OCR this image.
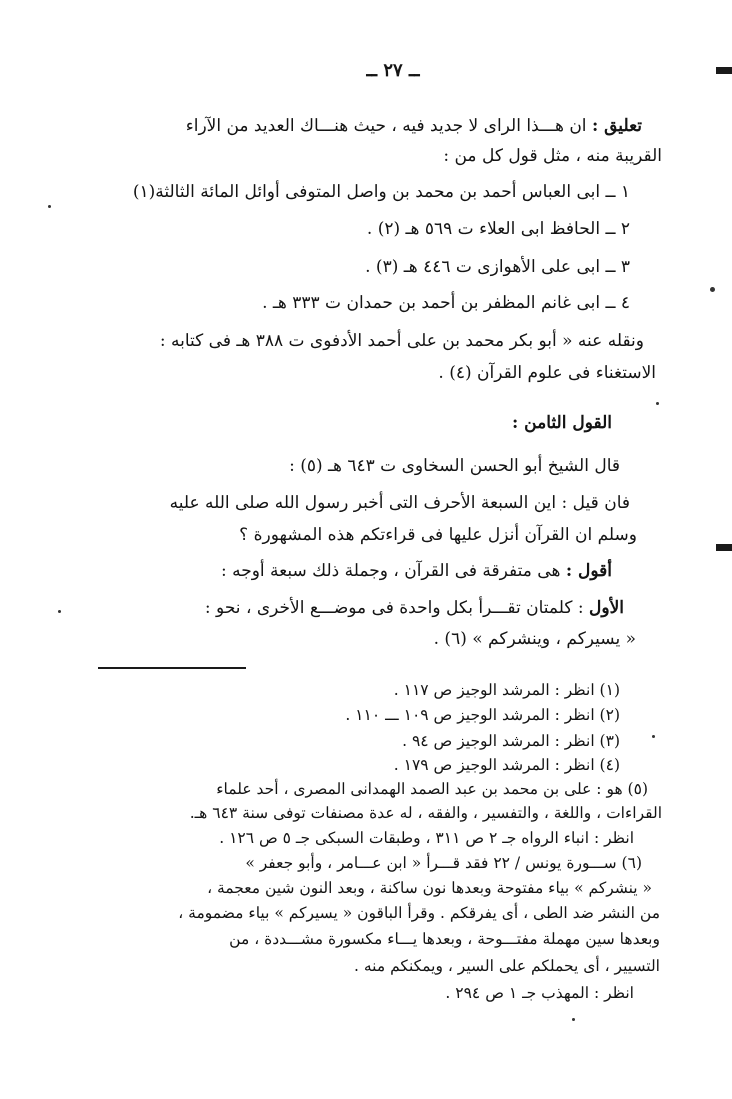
ــ ٢٧ ــ
تعليق : ان هـــذا الرای لا جدید فیه ، حیث هنـــاك العدید من الآراء
القريبة منه ، مثل قول كل من :
١ ــ ابى العباس أحمد بن محمد بن واصل المتوفى أوائل المائة الثالثة(١)
٢ ــ الحافظ ابى العلاء ت ٥٦٩ هـ (٢) .
٣ ــ ابى على الأهوازى ت ٤٤٦ هـ (٣) .
٤ ــ ابى غانم المظفر بن أحمد بن حمدان ت ٣٣٣ هـ .
ونقله عنه « أبو بكر محمد بن على أحمد الأدفوى ت ٣٨٨ هـ فى كتابه :
الاستغناء فى علوم القرآن (٤) .
القول الثامن :
قال الشيخ أبو الحسن السخاوى ت ٦٤٣ هـ (٥) :
فان قيل : اين السبعة الأحرف التى أخبر رسول الله صلى الله عليه
وسلم ان القرآن أنزل عليها فى قراءتكم هذه المشهورة ؟
أقول : هى متفرقة فى القرآن ، وجملة ذلك سبعة أوجه :
الأول : كلمتان تقـــرأ بكل واحدة فى موضـــع الأخرى ، نحو :
« يسيركم ، وينشركم » (٦) .
(١) انظر : المرشد الوجيز ص ١١٧ .
(٢) انظر : المرشد الوجيز ص ١٠٩ ـــ ١١٠ .
(٣) انظر : المرشد الوجيز ص ٩٤ .
(٤) انظر : المرشد الوجيز ص ١٧٩ .
(٥) هو : على بن محمد بن عبد الصمد الهمدانى المصرى ، أحد علماء
القراءات ، واللغة ، والتفسير ، والفقه ، له عدة مصنفات توفى سنة ٦٤٣ هـ.
انظر : انباء الرواه جـ ٢ ص ٣١١ ، وطبقات السبكى جـ ٥ ص ١٢٦ .
(٦) ســـورة يونس / ٢٢ فقد قـــرأ « ابن عـــامر ، وأبو جعفر »
« ينشركم » بياء مفتوحة وبعدها نون ساكنة ، وبعد النون شين معجمة ،
من النشر ضد الطى ، أى يفرقكم . وقرأ الباقون « يسيركم » بياء مضمومة ،
وبعدها سين مهملة مفتـــوحة ، وبعدها يـــاء مكسورة مشـــددة ، من
التسيير ، أى يحملكم على السير ، ويمكنكم منه .
انظر : المهذب جـ ١ ص ٢٩٤ .
